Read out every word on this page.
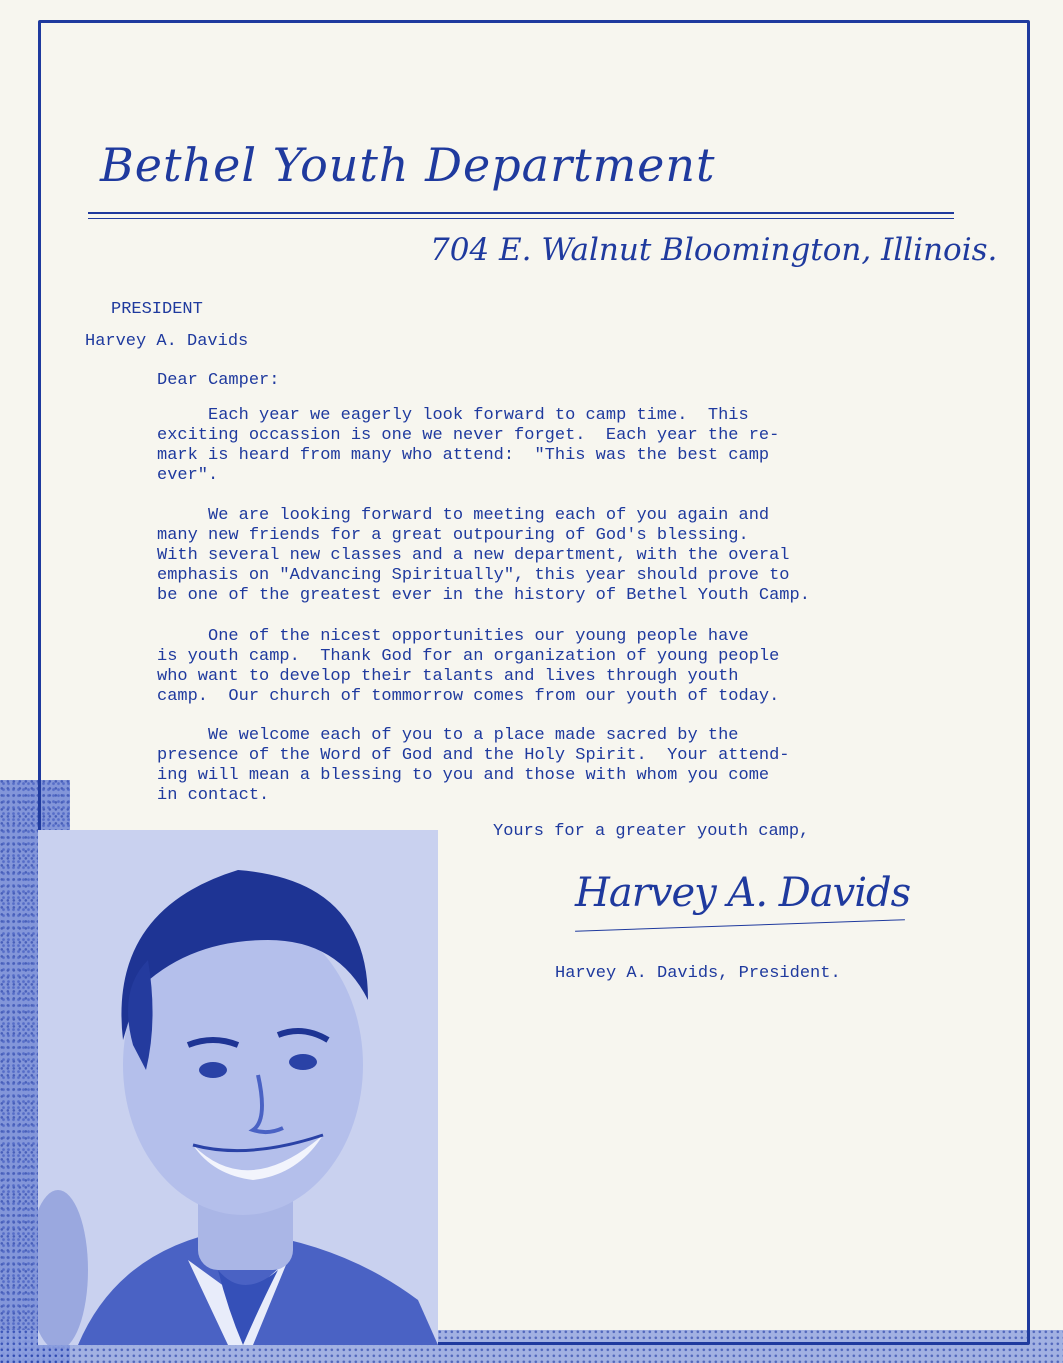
Bethel Youth Department
704 E. Walnut Bloomington, Illinois.
PRESIDENT
Harvey A. Davids
Dear Camper:

Each year we eagerly look forward to camp time.  This
exciting occassion is one we never forget.  Each year the re-
mark is heard from many who attend:  "This was the best camp
ever".

We are looking forward to meeting each of you again and
many new friends for a great outpouring of God's blessing.
With several new classes and a new department, with the overal
emphasis on "Advancing Spiritually", this year should prove to
be one of the greatest ever in the history of Bethel Youth Camp.

One of the nicest opportunities our young people have
is youth camp.  Thank God for an organization of young people
who want to develop their talants and lives through youth
camp.  Our church of tommorrow comes from our youth of today.

We welcome each of you to a place made sacred by the
presence of the Word of God and the Holy Spirit.  Your attend-
ing will mean a blessing to you and those with whom you come
in contact.

Yours for a greater youth camp,
Harvey A. Davids
Harvey A. Davids, President.
